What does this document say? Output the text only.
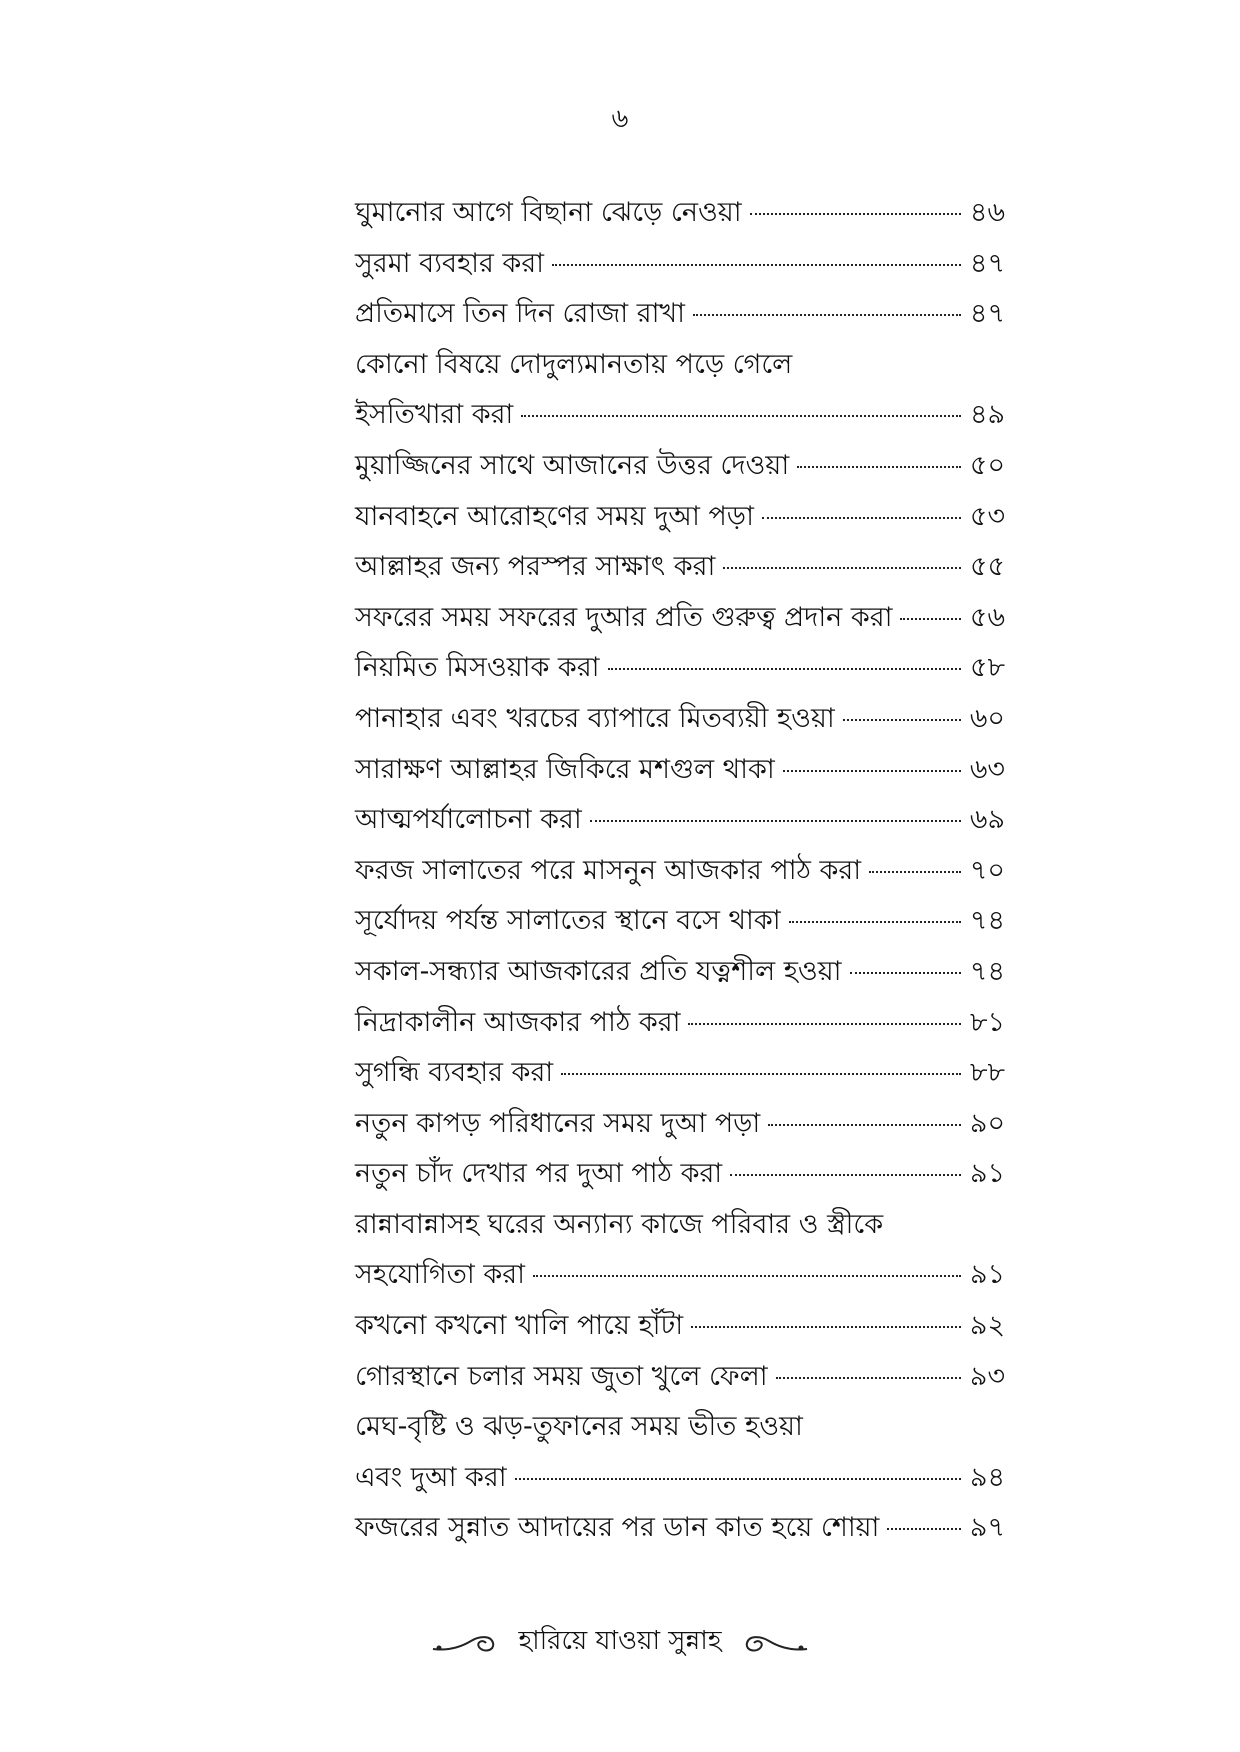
৬
ঘুমানোর আগে বিছানা ঝেড়ে নেওয়া	৪৬
সুরমা ব্যবহার করা	৪৭
প্রতিমাসে তিন দিন রোজা রাখা	৪৭
কোনো বিষয়ে দোদুল্যমানতায় পড়ে গেলে
ইসতিখারা করা	৪৯
মুয়াজ্জিনের সাথে আজানের উত্তর দেওয়া	৫০
যানবাহনে আরোহণের সময় দুআ পড়া	৫৩
আল্লাহর জন্য পরস্পর সাক্ষাৎ করা	৫৫
সফরের সময় সফরের দুআর প্রতি গুরুত্ব প্রদান করা	৫৬
নিয়মিত মিসওয়াক করা	৫৮
পানাহার এবং খরচের ব্যাপারে মিতব্যয়ী হওয়া	৬০
সারাক্ষণ আল্লাহর জিকিরে মশগুল থাকা	৬৩
আত্মপর্যালোচনা করা	৬৯
ফরজ সালাতের পরে মাসনুন আজকার পাঠ করা	৭০
সূর্যোদয় পর্যন্ত সালাতের স্থানে বসে থাকা	৭৪
সকাল-সন্ধ্যার আজকারের প্রতি যত্নশীল হওয়া	৭৪
নিদ্রাকালীন আজকার পাঠ করা	৮১
সুগন্ধি ব্যবহার করা	৮৮
নতুন কাপড় পরিধানের সময় দুআ পড়া	৯০
নতুন চাঁদ দেখার পর দুআ পাঠ করা	৯১
রান্নাবান্নাসহ ঘরের অন্যান্য কাজে পরিবার ও স্ত্রীকে
সহযোগিতা করা	৯১
কখনো কখনো খালি পায়ে হাঁটা	৯২
গোরস্থানে চলার সময় জুতা খুলে ফেলা	৯৩
মেঘ-বৃষ্টি ও ঝড়-তুফানের সময় ভীত হওয়া
এবং দুআ করা	৯৪
ফজরের সুন্নাত আদায়ের পর ডান কাত হয়ে শোয়া	৯৭
হারিয়ে যাওয়া সুন্নাহ
